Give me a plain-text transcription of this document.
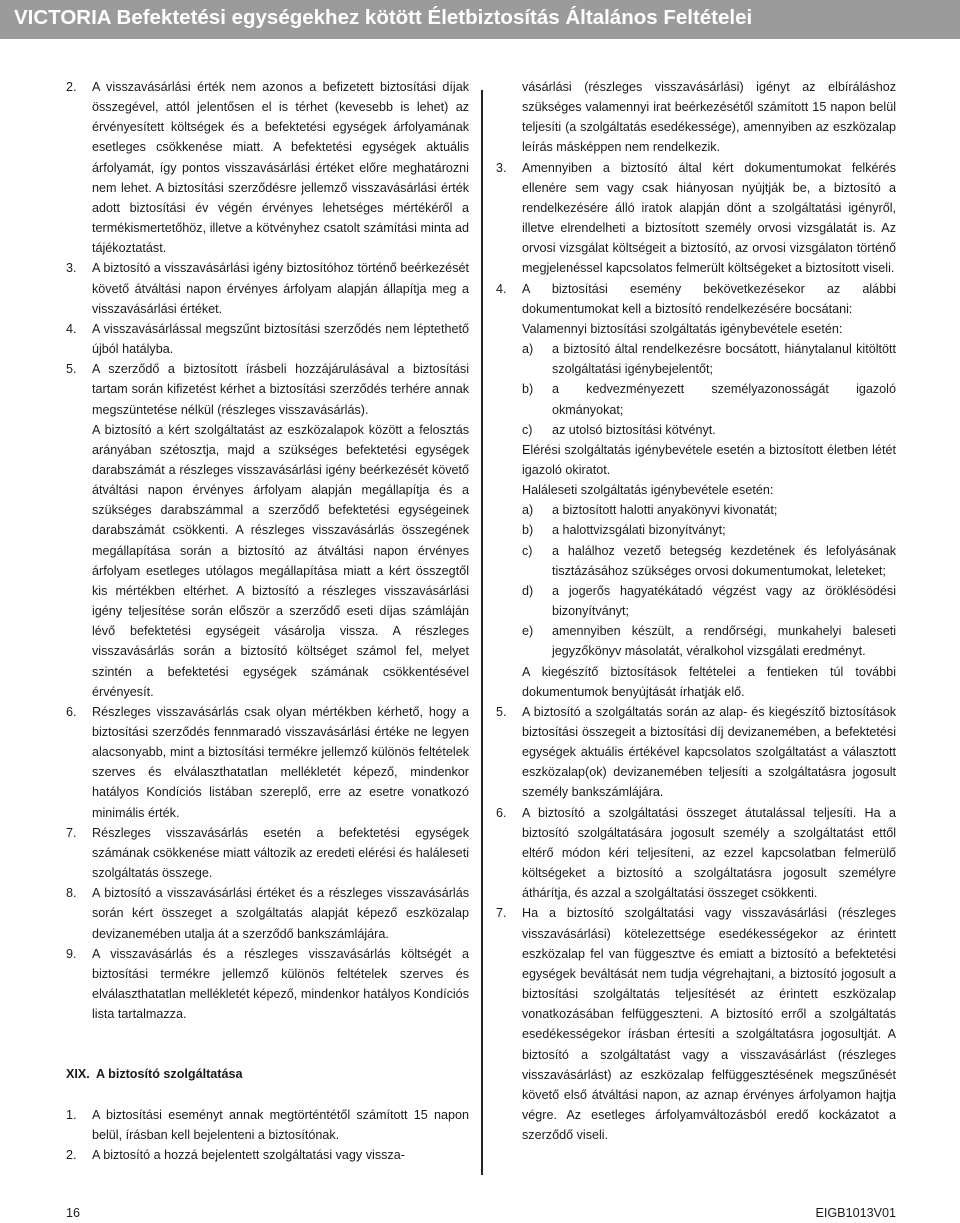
VICTORIA Befektetési egységekhez kötött Életbiztosítás Általános Feltételei
2.	A visszavásárlási érték nem azonos a befizetett biztosítási díjak összegével, attól jelentősen el is térhet (kevesebb is lehet) az érvényesített költségek és a befektetési egységek árfolyamának esetleges csökkenése miatt. A befektetési egységek aktuális árfolyamát, így pontos visszavásárlási értéket előre meghatározni nem lehet. A biztosítási szerződésre jellemző visszavásárlási érték adott biztosítási év végén érvényes lehetséges mértékéről a termékismertetőhöz, illetve a kötvényhez csatolt számítási minta ad tájékoztatást.
3.	A biztosító a visszavásárlási igény biztosítóhoz történő beérkezését követő átváltási napon érvényes árfolyam alapján állapítja meg a visszavásárlási értéket.
4.	A visszavásárlással megszűnt biztosítási szerződés nem léptethető újból hatályba.
5.	A szerződő a biztosított írásbeli hozzájárulásával a biztosítási tartam során kifizetést kérhet a biztosítási szerződés terhére annak megszüntetése nélkül (részleges visszavásárlás).
A biztosító a kért szolgáltatást az eszközalapok között a felosztás arányában szétosztja, majd a szükséges befektetési egységek darabszámát a részleges visszavásárlási igény beérkezését követő átváltási napon érvényes árfolyam alapján megállapítja és a szükséges darabszámmal a szerződő befektetési egységeinek darabszámát csökkenti. A részleges visszavásárlás összegének megállapítása során a biztosító az átváltási napon érvényes árfolyam esetleges utólagos megállapítása miatt a kért összegtől kis mértékben eltérhet. A biztosító a részleges visszavásárlási igény teljesítése során először a szerződő eseti díjas számláján lévő befektetési egységeit vásárolja vissza. A részleges visszavásárlás során a biztosító költséget számol fel, melyet szintén a befektetési egységek számának csökkentésével érvényesít.
6.	Részleges visszavásárlás csak olyan mértékben kérhető, hogy a biztosítási szerződés fennmaradó visszavásárlási értéke ne legyen alacsonyabb, mint a biztosítási termékre jellemző különös feltételek szerves és elválaszthatatlan mellékletét képező, mindenkor hatályos Kondíciós listában szereplő, erre az esetre vonatkozó minimális érték.
7.	Részleges visszavásárlás esetén a befektetési egységek számának csökkenése miatt változik az eredeti elérési és haláleseti szolgáltatás összege.
8.	A biztosító a visszavásárlási értéket és a részleges visszavásárlás során kért összeget a szolgáltatás alapját képező eszközalap devizanemében utalja át a szerződő bankszámlájára.
9.	A visszavásárlás és a részleges visszavásárlás költségét a biztosítási termékre jellemző különös feltételek szerves és elválaszthatatlan mellékletét képező, mindenkor hatályos Kondíciós lista tartalmazza.
XIX. A biztosító szolgáltatása
1.	A biztosítási eseményt annak megtörténtétől számított 15 napon belül, írásban kell bejelenteni a biztosítónak.
2.	A biztosító a hozzá bejelentett szolgáltatási vagy vissza-
vásárlási (részleges visszavásárlási) igényt az elbíráláshoz szükséges valamennyi irat beérkezésétől számított 15 napon belül teljesíti (a szolgáltatás esedékessége), amennyiben az eszközalap leírás másképpen nem rendelkezik.
3.	Amennyiben a biztosító által kért dokumentumokat felkérés ellenére sem vagy csak hiányosan nyújtják be, a biztosító a rendelkezésére álló iratok alapján dönt a szolgáltatási igényről, illetve elrendelheti a biztosított személy orvosi vizsgálatát is. Az orvosi vizsgálat költségeit a biztosító, az orvosi vizsgálaton történő megjelenéssel kapcsolatos felmerült költségeket a biztosított viseli.
4.	A biztosítási esemény bekövetkezésekor az alábbi dokumentumokat kell a biztosító rendelkezésére bocsátani:
Valamennyi biztosítási szolgáltatás igénybevétele esetén:
a)	a biztosító által rendelkezésre bocsátott, hiánytalanul kitöltött szolgáltatási igénybejelentőt;
b)	a kedvezményezett személyazonosságát igazoló okmányokat;
c)	az utolsó biztosítási kötvényt.
Elérési szolgáltatás igénybevétele esetén a biztosított életben létét igazoló okiratot.
Haláleseti szolgáltatás igénybevétele esetén:
a)	a biztosított halotti anyakönyvi kivonatát;
b)	a halottvizsgálati bizonyítványt;
c)	a halálhoz vezető betegség kezdetének és lefolyásának tisztázásához szükséges orvosi dokumentumokat, leleteket;
d)	a jogerős hagyatékátadó végzést vagy az öröklésödési bizonyítványt;
e)	amennyiben készült, a rendőrségi, munkahelyi baleseti jegyzőkönyv másolatát, véralkohol vizsgálati eredményt.
A kiegészítő biztosítások feltételei a fentieken túl további dokumentumok benyújtását írhatják elő.
5.	A biztosító a szolgáltatás során az alap- és kiegészítő biztosítások biztosítási összegeit a biztosítási díj devizanemében, a befektetési egységek aktuális értékével kapcsolatos szolgáltatást a választott eszközalap(ok) devizanemében teljesíti a szolgáltatásra jogosult személy bankszámlájára.
6.	A biztosító a szolgáltatási összeget átutalással teljesíti. Ha a biztosító szolgáltatására jogosult személy a szolgáltatást ettől eltérő módon kéri teljesíteni, az ezzel kapcsolatban felmerülő költségeket a biztosító a szolgáltatásra jogosult személyre áthárítja, és azzal a szolgáltatási összeget csökkenti.
7.	Ha a biztosító szolgáltatási vagy visszavásárlási (részleges visszavásárlási) kötelezettsége esedékességekor az érintett eszközalap fel van függesztve és emiatt a biztosító a befektetési egységek beváltását nem tudja végrehajtani, a biztosító jogosult a biztosítási szolgáltatás teljesítését az érintett eszközalap vonatkozásában felfüggeszteni. A biztosító erről a szolgáltatás esedékességekor írásban értesíti a szolgáltatásra jogosultját. A biztosító a szolgáltatást vagy a visszavásárlást (részleges visszavásárlást) az eszközalap felfüggesztésének megszűnését követő első átváltási napon, az aznap érvényes árfolyamon hajtja végre. Az esetleges árfolyamváltozásból eredő kockázatot a szerződő viseli.
16	EIGB1013V01
